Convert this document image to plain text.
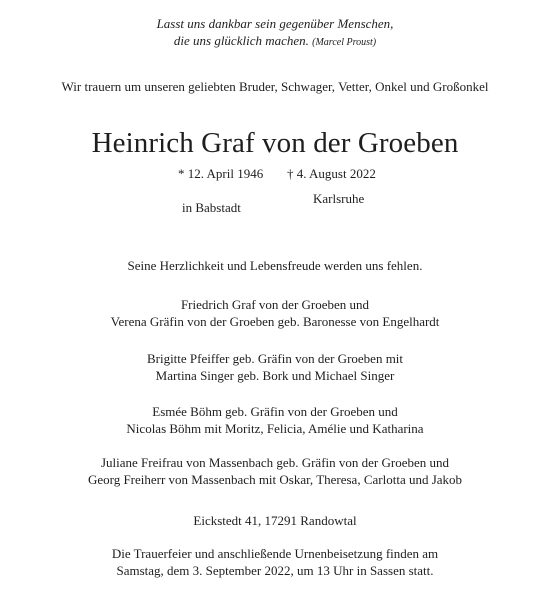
Lasst uns dankbar sein gegenüber Menschen,
die uns glücklich machen. (Marcel Proust)
Wir trauern um unseren geliebten Bruder, Schwager, Vetter, Onkel und Großonkel
Heinrich Graf von der Groeben
* 12. April 1946 † 4. August 2022
in Babstadt
Karlsruhe
Seine Herzlichkeit und Lebensfreude werden uns fehlen.
Friedrich Graf von der Groeben und
Verena Gräfin von der Groeben geb. Baronesse von Engelhardt
Brigitte Pfeiffer geb. Gräfin von der Groeben mit
Martina Singer geb. Bork und Michael Singer
Esmée Böhm geb. Gräfin von der Groeben und
Nicolas Böhm mit Moritz, Felicia, Amélie und Katharina
Juliane Freifrau von Massenbach geb. Gräfin von der Groeben und
Georg Freiherr von Massenbach mit Oskar, Theresa, Carlotta und Jakob
Eickstedt 41, 17291 Randowtal
Die Trauerfeier und anschließende Urnenbeisetzung finden am
Samstag, dem 3. September 2022, um 13 Uhr in Sassen statt.
